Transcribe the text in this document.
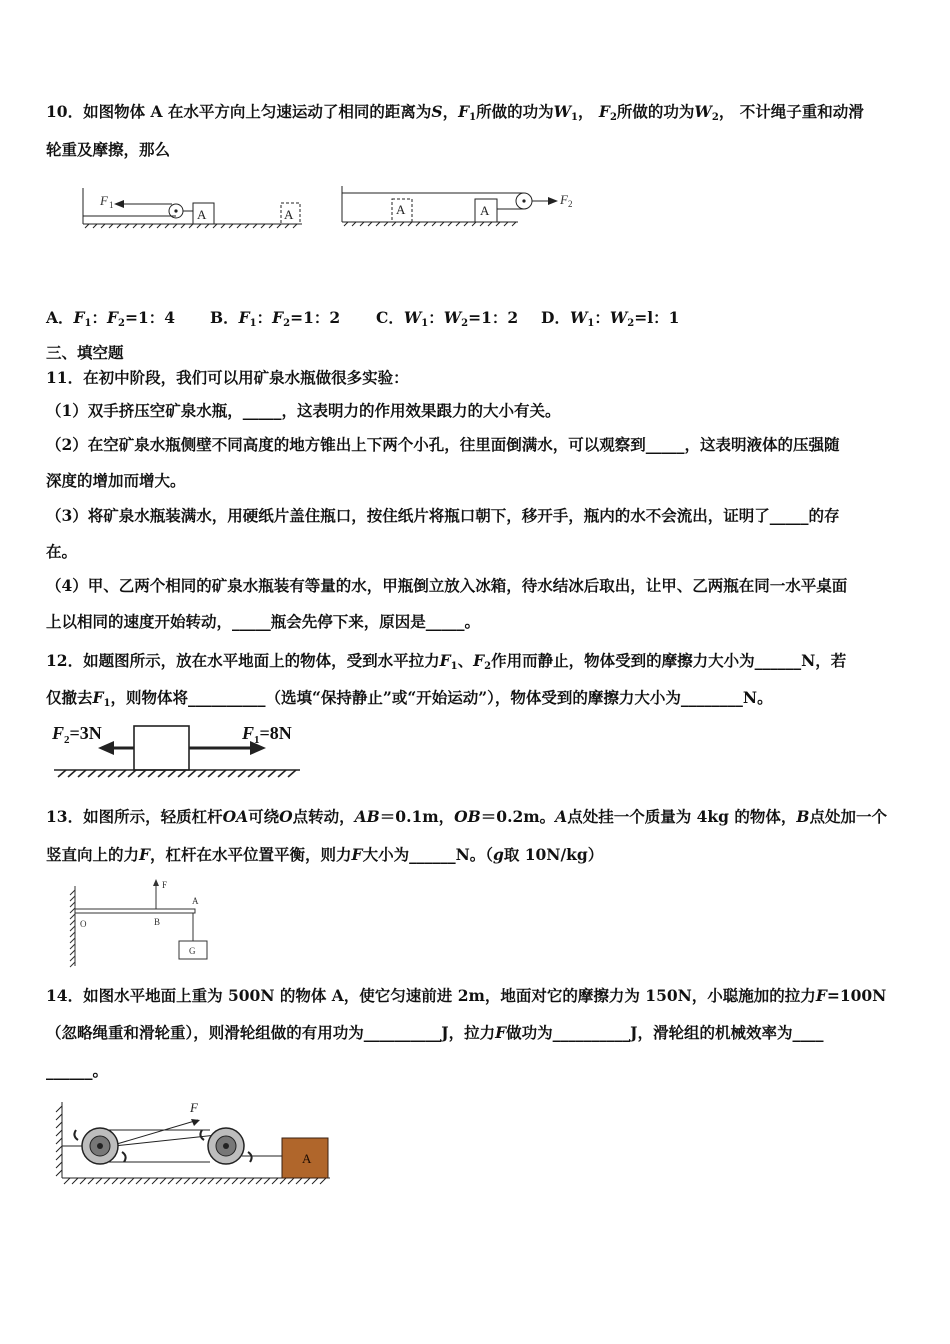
10．如图物体 A 在水平方向上匀速运动了相同的距离为S，$F_1$所做的功为$W_1$， $F_2$所做的功为$W_2$， 不计绳子重和动滑
轮重及摩擦，那么
F 1
A	A
F 2
A	A
A．$F_1$：$F_2=1$：4 B．$F_1$：$F_2=1$：2 C．$W_1$：$W_2=1$：2 D．$W_1$：$W_2=l$：1
三、填空题
11．在初中阶段，我们可以用矿泉水瓶做很多实验：
（1）双手挤压空矿泉水瓶，_____，这表明力的作用效果跟力的大小有关。
（2）在空矿泉水瓶侧壁不同高度的地方锥出上下两个小孔，往里面倒满水，可以观察到_____，这表明液体的压强随
深度的增加而增大。
（3）将矿泉水瓶装满水，用硬纸片盖住瓶口，按住纸片将瓶口朝下，移开手，瓶内的水不会流出，证明了_____的存
在。
（4）甲、乙两个相同的矿泉水瓶装有等量的水，甲瓶倒立放入冰箱，待水结冰后取出，让甲、乙两瓶在同一水平桌面
上以相同的速度开始转动，_____瓶会先停下来，原因是_____。
12．如题图所示，放在水平地面上的物体，受到水平拉力$F_1$、$F_2$作用而静止，物体受到的摩擦力大小为______N，若
仅撤去$F_1$，则物体将__________（选填“保持静止”或“开始运动”），物体受到的摩擦力大小为________N。
$F_2=3N$	$F_1=8N$
13．如图所示，轻质杠杆OA可绕O点转动，AB＝0.1m，OB＝0.2m。A点处挂一个质量为 4kg 的物体，B点处加一个
竖直向上的力F，杠杆在水平位置平衡，则力F大小为______N。（g取 10N/kg）
F
A
O	B
G
14．如图水平地面上重为 500N 的物体 A，使它匀速前进 2m，地面对它的摩擦力为 150N，小聪施加的拉力F=100N
（忽略绳重和滑轮重），则滑轮组做的有用功为__________J，拉力F做功为__________J，滑轮组的机械效率为____
______。
A
F
